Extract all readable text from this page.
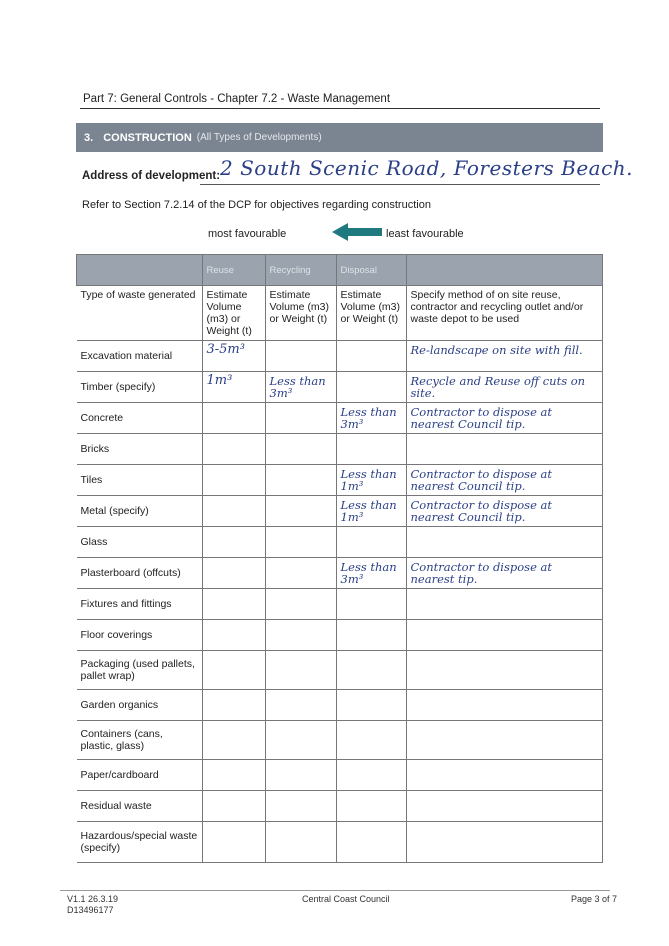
Part 7: General Controls - Chapter 7.2 - Waste Management
3. CONSTRUCTION (All Types of Developments)
Address of development: 2 South Scenic Road, Foresters Beach.
Refer to Section 7.2.14 of the DCP for objectives regarding construction
most favourable	least favourable
	Reuse	Recycling	Disposal	
Type of waste generated	Estimate Volume (m3) or Weight (t)	Estimate Volume (m3) or Weight (t)	Estimate Volume (m3) or Weight (t)	Specify method of on site reuse, contractor and recycling outlet and/or waste depot to be used
Excavation material	3-5m³			Re-landscape on site with fill.
Timber (specify)	1m³	Less than 3m³		Recycle and Reuse off cuts on site.
Concrete			Less than 3m³	Contractor to dispose at nearest Council tip.
Bricks				
Tiles			Less than 1m³	Contractor to dispose at nearest Council tip.
Metal (specify)			Less than 1m³	Contractor to dispose at nearest Council tip.
Glass				
Plasterboard (offcuts)			Less than 3m³	Contractor to dispose at nearest tip.
Fixtures and fittings				
Floor coverings				
Packaging (used pallets, pallet wrap)				
Garden organics				
Containers (cans, plastic, glass)				
Paper/cardboard				
Residual waste				
Hazardous/special waste (specify)				
V1.1 26.3.19
D13496177
Central Coast Council	Page 3 of 7
